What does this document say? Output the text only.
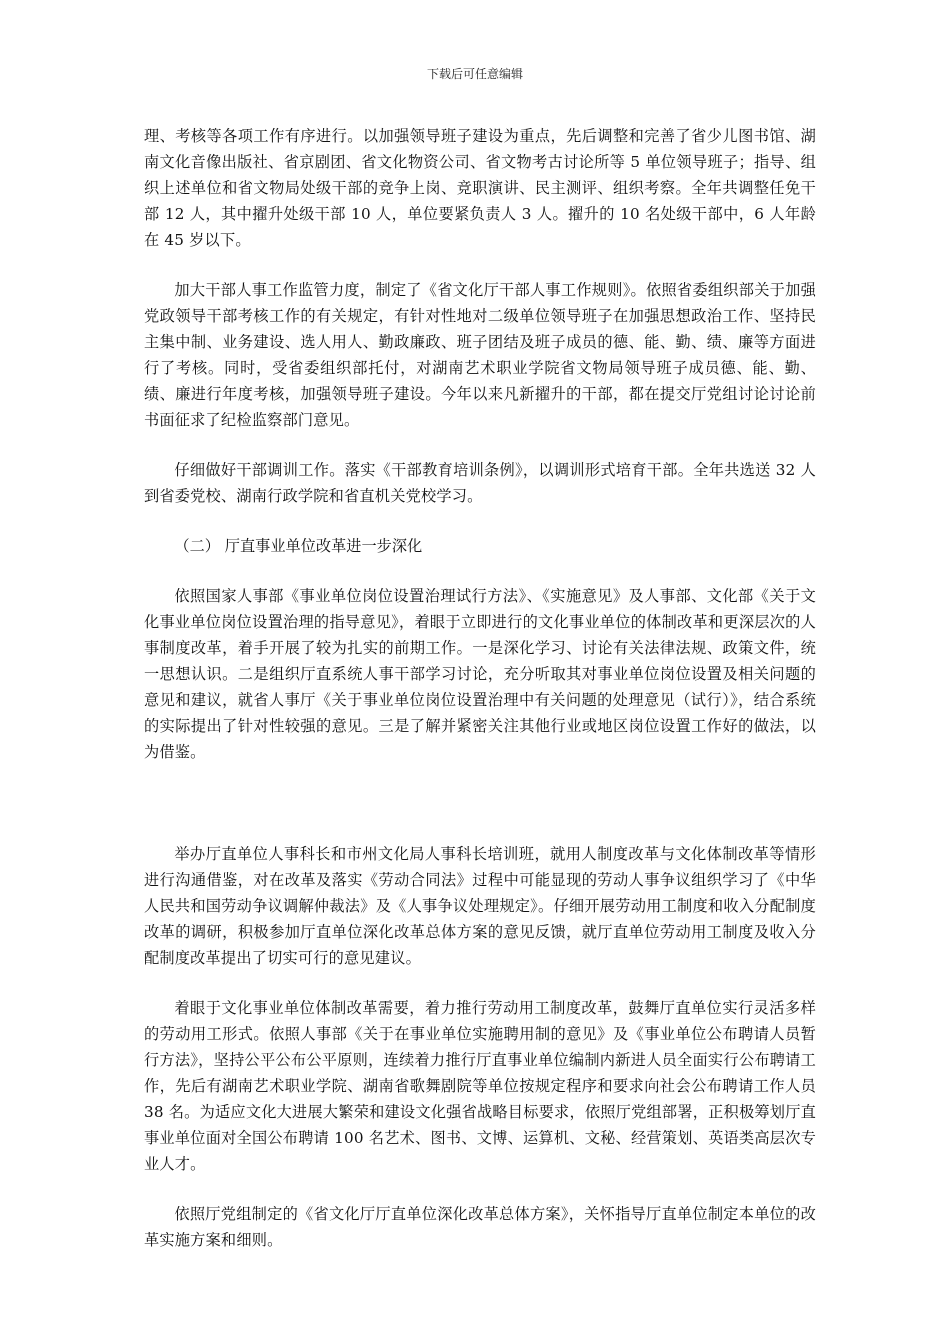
下载后可任意编辑

理、考核等各项工作有序进行。以加强领导班子建设为重点，先后调整和完善了省少儿图书馆、湖南文化音像出版社、省京剧团、省文化物资公司、省文物考古讨论所等 5 单位领导班子；指导、组织上述单位和省文物局处级干部的竞争上岗、竞职演讲、民主测评、组织考察。全年共调整任免干部 12 人，其中擢升处级干部 10 人，单位要紧负责人 3 人。擢升的 10 名处级干部中，6 人年龄在 45 岁以下。

加大干部人事工作监管力度，制定了《省文化厅干部人事工作规则》。依照省委组织部关于加强党政领导干部考核工作的有关规定，有针对性地对二级单位领导班子在加强思想政治工作、坚持民主集中制、业务建设、选人用人、勤政廉政、班子团结及班子成员的德、能、勤、绩、廉等方面进行了考核。同时，受省委组织部托付，对湖南艺术职业学院省文物局领导班子成员德、能、勤、绩、廉进行年度考核，加强领导班子建设。今年以来凡新擢升的干部，都在提交厅党组讨论讨论前书面征求了纪检监察部门意见。

仔细做好干部调训工作。落实《干部教育培训条例》，以调训形式培育干部。全年共选送 32 人到省委党校、湖南行政学院和省直机关党校学习。

（二） 厅直事业单位改革进一步深化

依照国家人事部《事业单位岗位设置治理试行方法》、《实施意见》及人事部、文化部《关于文化事业单位岗位设置治理的指导意见》，着眼于立即进行的文化事业单位的体制改革和更深层次的人事制度改革，着手开展了较为扎实的前期工作。一是深化学习、讨论有关法律法规、政策文件，统一思想认识。二是组织厅直系统人事干部学习讨论，充分听取其对事业单位岗位设置及相关问题的意见和建议，就省人事厅《关于事业单位岗位设置治理中有关问题的处理意见（试行）》，结合系统的实际提出了针对性较强的意见。三是了解并紧密关注其他行业或地区岗位设置工作好的做法，以为借鉴。

举办厅直单位人事科长和市州文化局人事科长培训班，就用人制度改革与文化体制改革等情形进行沟通借鉴，对在改革及落实《劳动合同法》过程中可能显现的劳动人事争议组织学习了《中华人民共和国劳动争议调解仲裁法》及《人事争议处理规定》。仔细开展劳动用工制度和收入分配制度改革的调研，积极参加厅直单位深化改革总体方案的意见反馈，就厅直单位劳动用工制度及收入分配制度改革提出了切实可行的意见建议。

着眼于文化事业单位体制改革需要，着力推行劳动用工制度改革，鼓舞厅直单位实行灵活多样的劳动用工形式。依照人事部《关于在事业单位实施聘用制的意见》及《事业单位公布聘请人员暂行方法》，坚持公平公布公平原则，连续着力推行厅直事业单位编制内新进人员全面实行公布聘请工作，先后有湖南艺术职业学院、湖南省歌舞剧院等单位按规定程序和要求向社会公布聘请工作人员 38 名。为适应文化大进展大繁荣和建设文化强省战略目标要求，依照厅党组部署，正积极筹划厅直事业单位面对全国公布聘请 100 名艺术、图书、文博、运算机、文秘、经营策划、英语类高层次专业人才。

依照厅党组制定的《省文化厅厅直单位深化改革总体方案》，关怀指导厅直单位制定本单位的改革实施方案和细则。
